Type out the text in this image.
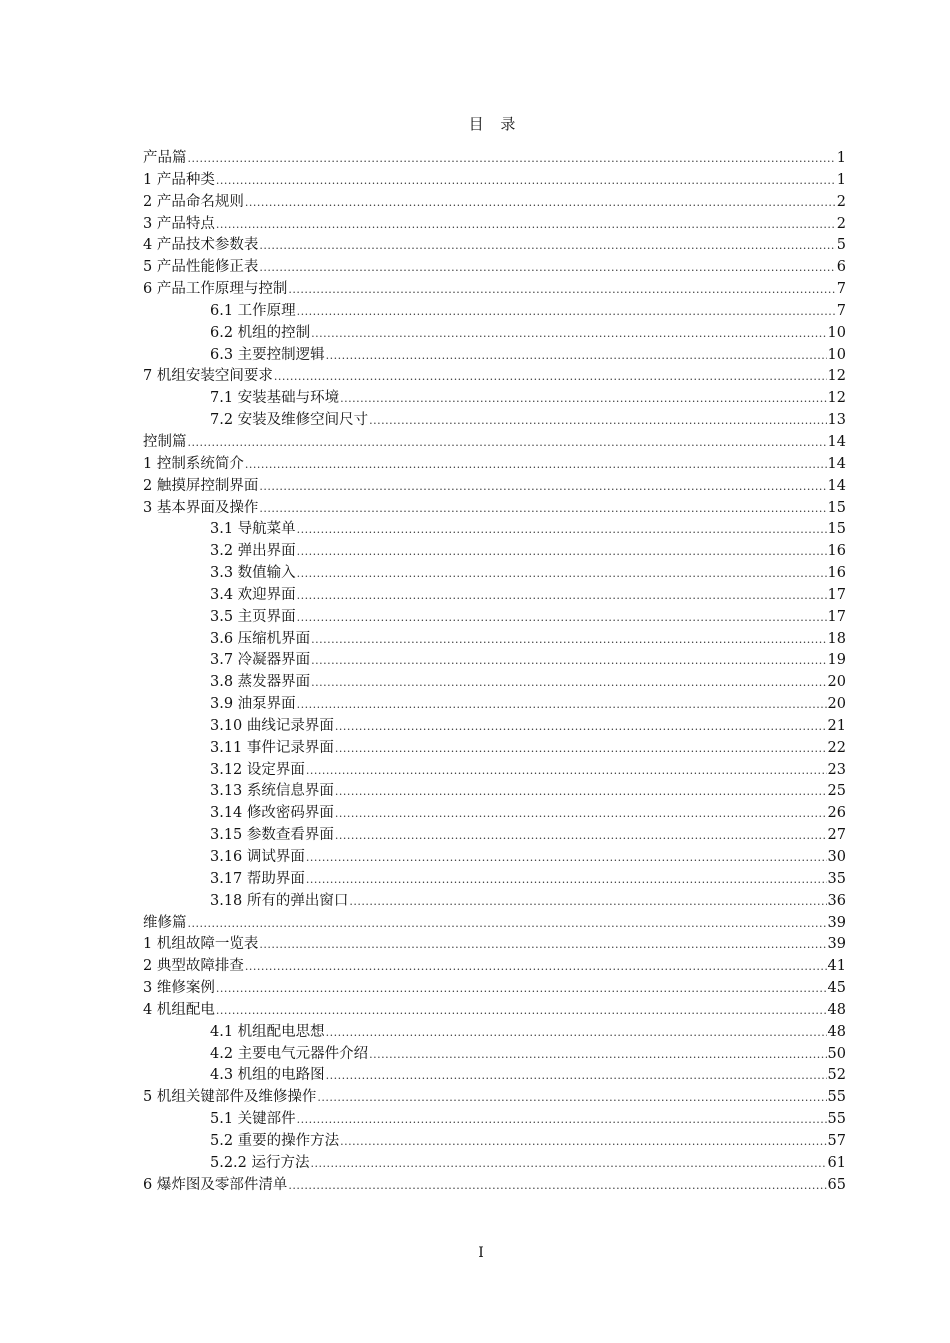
目 录
产品篇 .....	1
1 产品种类 .....	1
2 产品命名规则 .....	2
3 产品特点 .....	2
4 产品技术参数表 .....	5
5 产品性能修正表 .....	6
6 产品工作原理与控制 .....	7
6.1 工作原理 .....	7
6.2 机组的控制 .....	10
6.3 主要控制逻辑 .....	10
7 机组安装空间要求 .....	12
7.1 安装基础与环境 .....	12
7.2 安装及维修空间尺寸 .....	13
控制篇 .....	14
1 控制系统简介 .....	14
2 触摸屏控制界面 .....	14
3 基本界面及操作 .....	15
3.1 导航菜单 .....	15
3.2 弹出界面 .....	16
3.3 数值输入 .....	16
3.4 欢迎界面 .....	17
3.5 主页界面 .....	17
3.6 压缩机界面 .....	18
3.7 冷凝器界面 .....	19
3.8 蒸发器界面 .....	20
3.9 油泵界面 .....	20
3.10 曲线记录界面 .....	21
3.11 事件记录界面 .....	22
3.12 设定界面 .....	23
3.13 系统信息界面 .....	25
3.14 修改密码界面 .....	26
3.15 参数查看界面 .....	27
3.16 调试界面 .....	30
3.17 帮助界面 .....	35
3.18 所有的弹出窗口 .....	36
维修篇 .....	39
1 机组故障一览表 .....	39
2 典型故障排查 .....	41
3 维修案例 .....	45
4 机组配电 .....	48
4.1 机组配电思想 .....	48
4.2 主要电气元器件介绍 .....	50
4.3 机组的电路图 .....	52
5 机组关键部件及维修操作 .....	55
5.1 关键部件 .....	55
5.2 重要的操作方法 .....	57
5.2.2 运行方法 .....	61
6 爆炸图及零部件清单 .....	65
I
